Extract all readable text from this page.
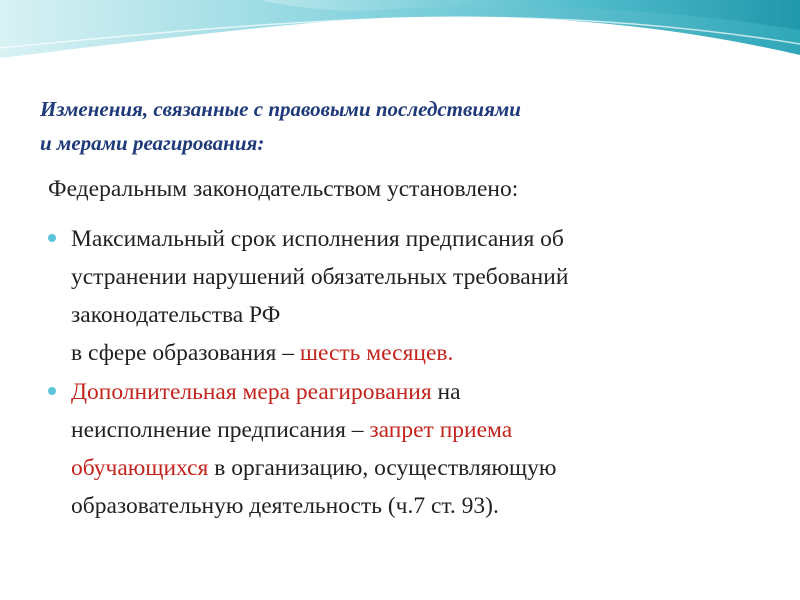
Изменения, связанные с правовыми последствиями
и мерами реагирования:
Федеральным законодательством установлено:
Максимальный срок исполнения предписания об
устранении нарушений обязательных требований
законодательства РФ
в сфере образования – шесть месяцев.
Дополнительная мера реагирования на
неисполнение предписания – запрет приема
обучающихся в организацию, осуществляющую
образовательную деятельность (ч.7 ст. 93).
